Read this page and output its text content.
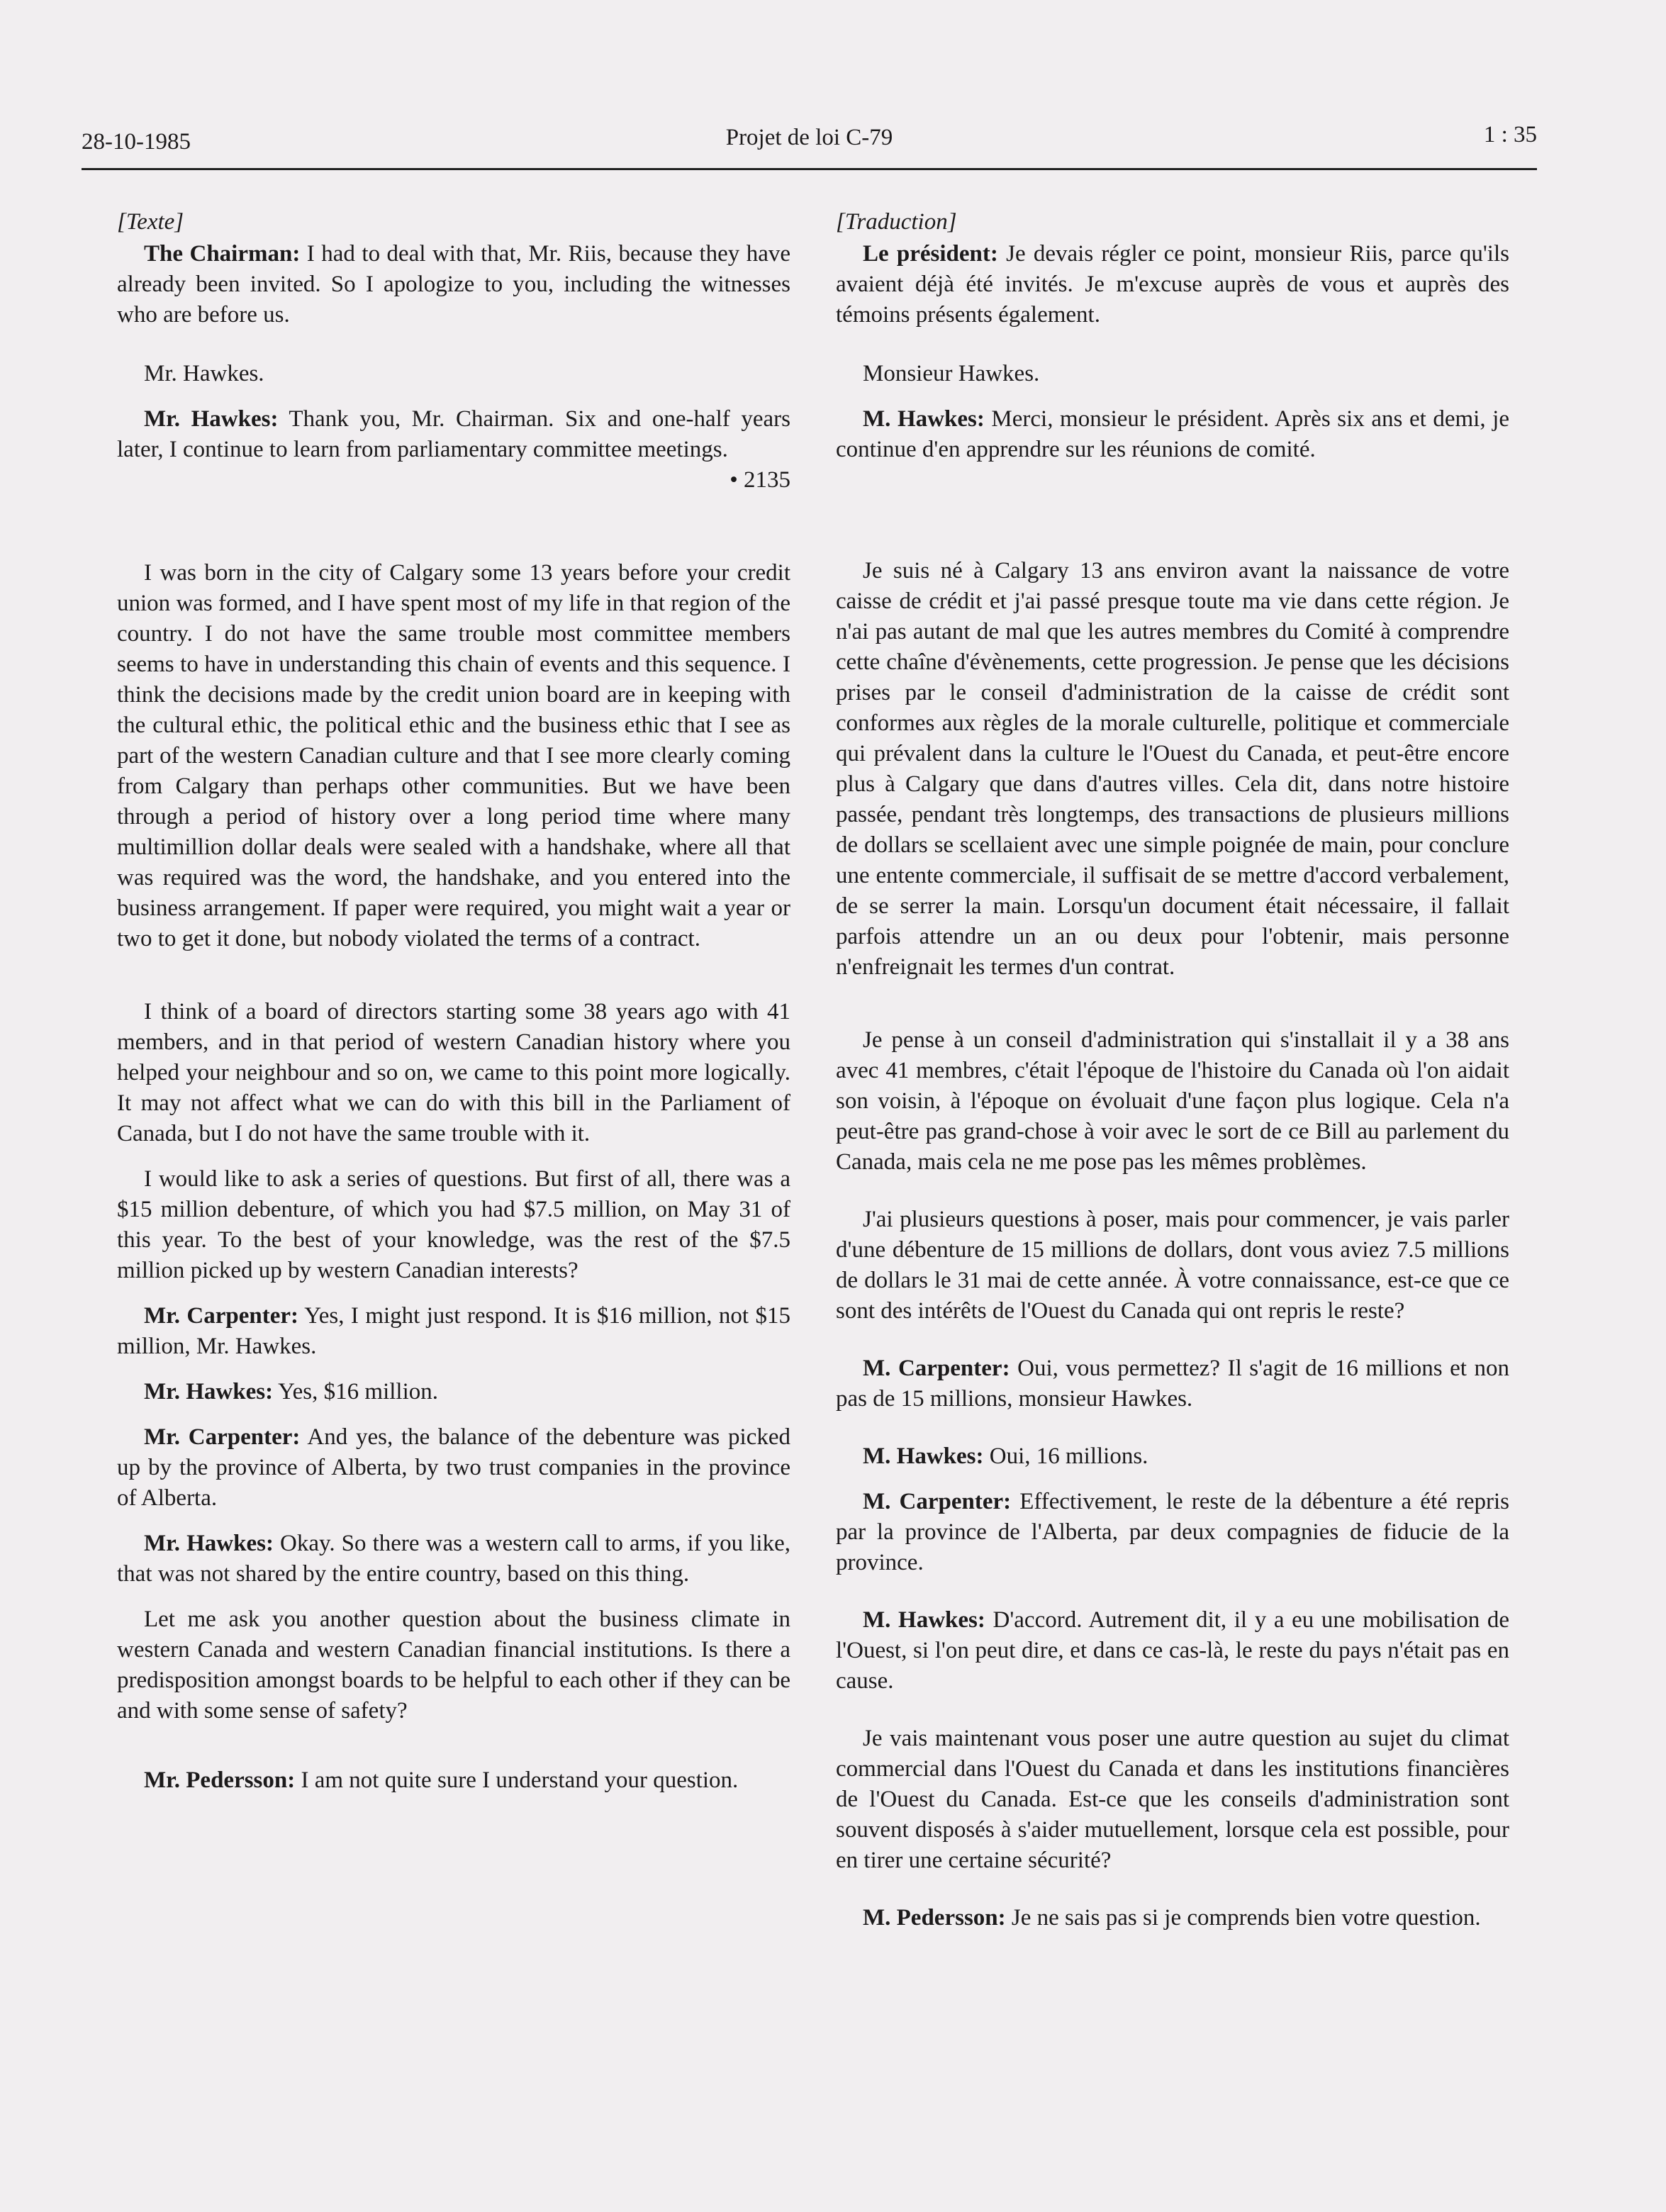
28-10-1985	Projet de loi C-79	1 : 35

[Texte]

The Chairman: I had to deal with that, Mr. Riis, because they have already been invited. So I apologize to you, including the witnesses who are before us.

Mr. Hawkes.

Mr. Hawkes: Thank you, Mr. Chairman. Six and one-half years later, I continue to learn from parliamentary committee meetings.

• 2135

I was born in the city of Calgary some 13 years before your credit union was formed, and I have spent most of my life in that region of the country. I do not have the same trouble most committee members seems to have in understanding this chain of events and this sequence. I think the decisions made by the credit union board are in keeping with the cultural ethic, the political ethic and the business ethic that I see as part of the western Canadian culture and that I see more clearly coming from Calgary than perhaps other communities. But we have been through a period of history over a long period time where many multimillion dollar deals were sealed with a handshake, where all that was required was the word, the handshake, and you entered into the business arrangement. If paper were required, you might wait a year or two to get it done, but nobody violated the terms of a contract.

I think of a board of directors starting some 38 years ago with 41 members, and in that period of western Canadian history where you helped your neighbour and so on, we came to this point more logically. It may not affect what we can do with this bill in the Parliament of Canada, but I do not have the same trouble with it.

I would like to ask a series of questions. But first of all, there was a $15 million debenture, of which you had $7.5 million, on May 31 of this year. To the best of your knowledge, was the rest of the $7.5 million picked up by western Canadian interests?

Mr. Carpenter: Yes, I might just respond. It is $16 million, not $15 million, Mr. Hawkes.

Mr. Hawkes: Yes, $16 million.

Mr. Carpenter: And yes, the balance of the debenture was picked up by the province of Alberta, by two trust companies in the province of Alberta.

Mr. Hawkes: Okay. So there was a western call to arms, if you like, that was not shared by the entire country, based on this thing.

Let me ask you another question about the business climate in western Canada and western Canadian financial institutions. Is there a predisposition amongst boards to be helpful to each other if they can be and with some sense of safety?

Mr. Pedersson: I am not quite sure I understand your question.

[Traduction]

Le président: Je devais régler ce point, monsieur Riis, parce qu'ils avaient déjà été invités. Je m'excuse auprès de vous et auprès des témoins présents également.

Monsieur Hawkes.

M. Hawkes: Merci, monsieur le président. Après six ans et demi, je continue d'en apprendre sur les réunions de comité.

Je suis né à Calgary 13 ans environ avant la naissance de votre caisse de crédit et j'ai passé presque toute ma vie dans cette région. Je n'ai pas autant de mal que les autres membres du Comité à comprendre cette chaîne d'évènements, cette progression. Je pense que les décisions prises par le conseil d'administration de la caisse de crédit sont conformes aux règles de la morale culturelle, politique et commerciale qui prévalent dans la culture le l'Ouest du Canada, et peut-être encore plus à Calgary que dans d'autres villes. Cela dit, dans notre histoire passée, pendant très longtemps, des transactions de plusieurs millions de dollars se scellaient avec une simple poignée de main, pour conclure une entente commerciale, il suffisait de se mettre d'accord verbalement, de se serrer la main. Lorsqu'un document était nécessaire, il fallait parfois attendre un an ou deux pour l'obtenir, mais personne n'enfreignait les termes d'un contrat.

Je pense à un conseil d'administration qui s'installait il y a 38 ans avec 41 membres, c'était l'époque de l'histoire du Canada où l'on aidait son voisin, à l'époque on évoluait d'une façon plus logique. Cela n'a peut-être pas grand-chose à voir avec le sort de ce Bill au parlement du Canada, mais cela ne me pose pas les mêmes problèmes.

J'ai plusieurs questions à poser, mais pour commencer, je vais parler d'une débenture de 15 millions de dollars, dont vous aviez 7.5 millions de dollars le 31 mai de cette année. À votre connaissance, est-ce que ce sont des intérêts de l'Ouest du Canada qui ont repris le reste?

M. Carpenter: Oui, vous permettez? Il s'agit de 16 millions et non pas de 15 millions, monsieur Hawkes.

M. Hawkes: Oui, 16 millions.

M. Carpenter: Effectivement, le reste de la débenture a été repris par la province de l'Alberta, par deux compagnies de fiducie de la province.

M. Hawkes: D'accord. Autrement dit, il y a eu une mobilisation de l'Ouest, si l'on peut dire, et dans ce cas-là, le reste du pays n'était pas en cause.

Je vais maintenant vous poser une autre question au sujet du climat commercial dans l'Ouest du Canada et dans les institutions financières de l'Ouest du Canada. Est-ce que les conseils d'administration sont souvent disposés à s'aider mutuellement, lorsque cela est possible, pour en tirer une certaine sécurité?

M. Pedersson: Je ne sais pas si je comprends bien votre question.
